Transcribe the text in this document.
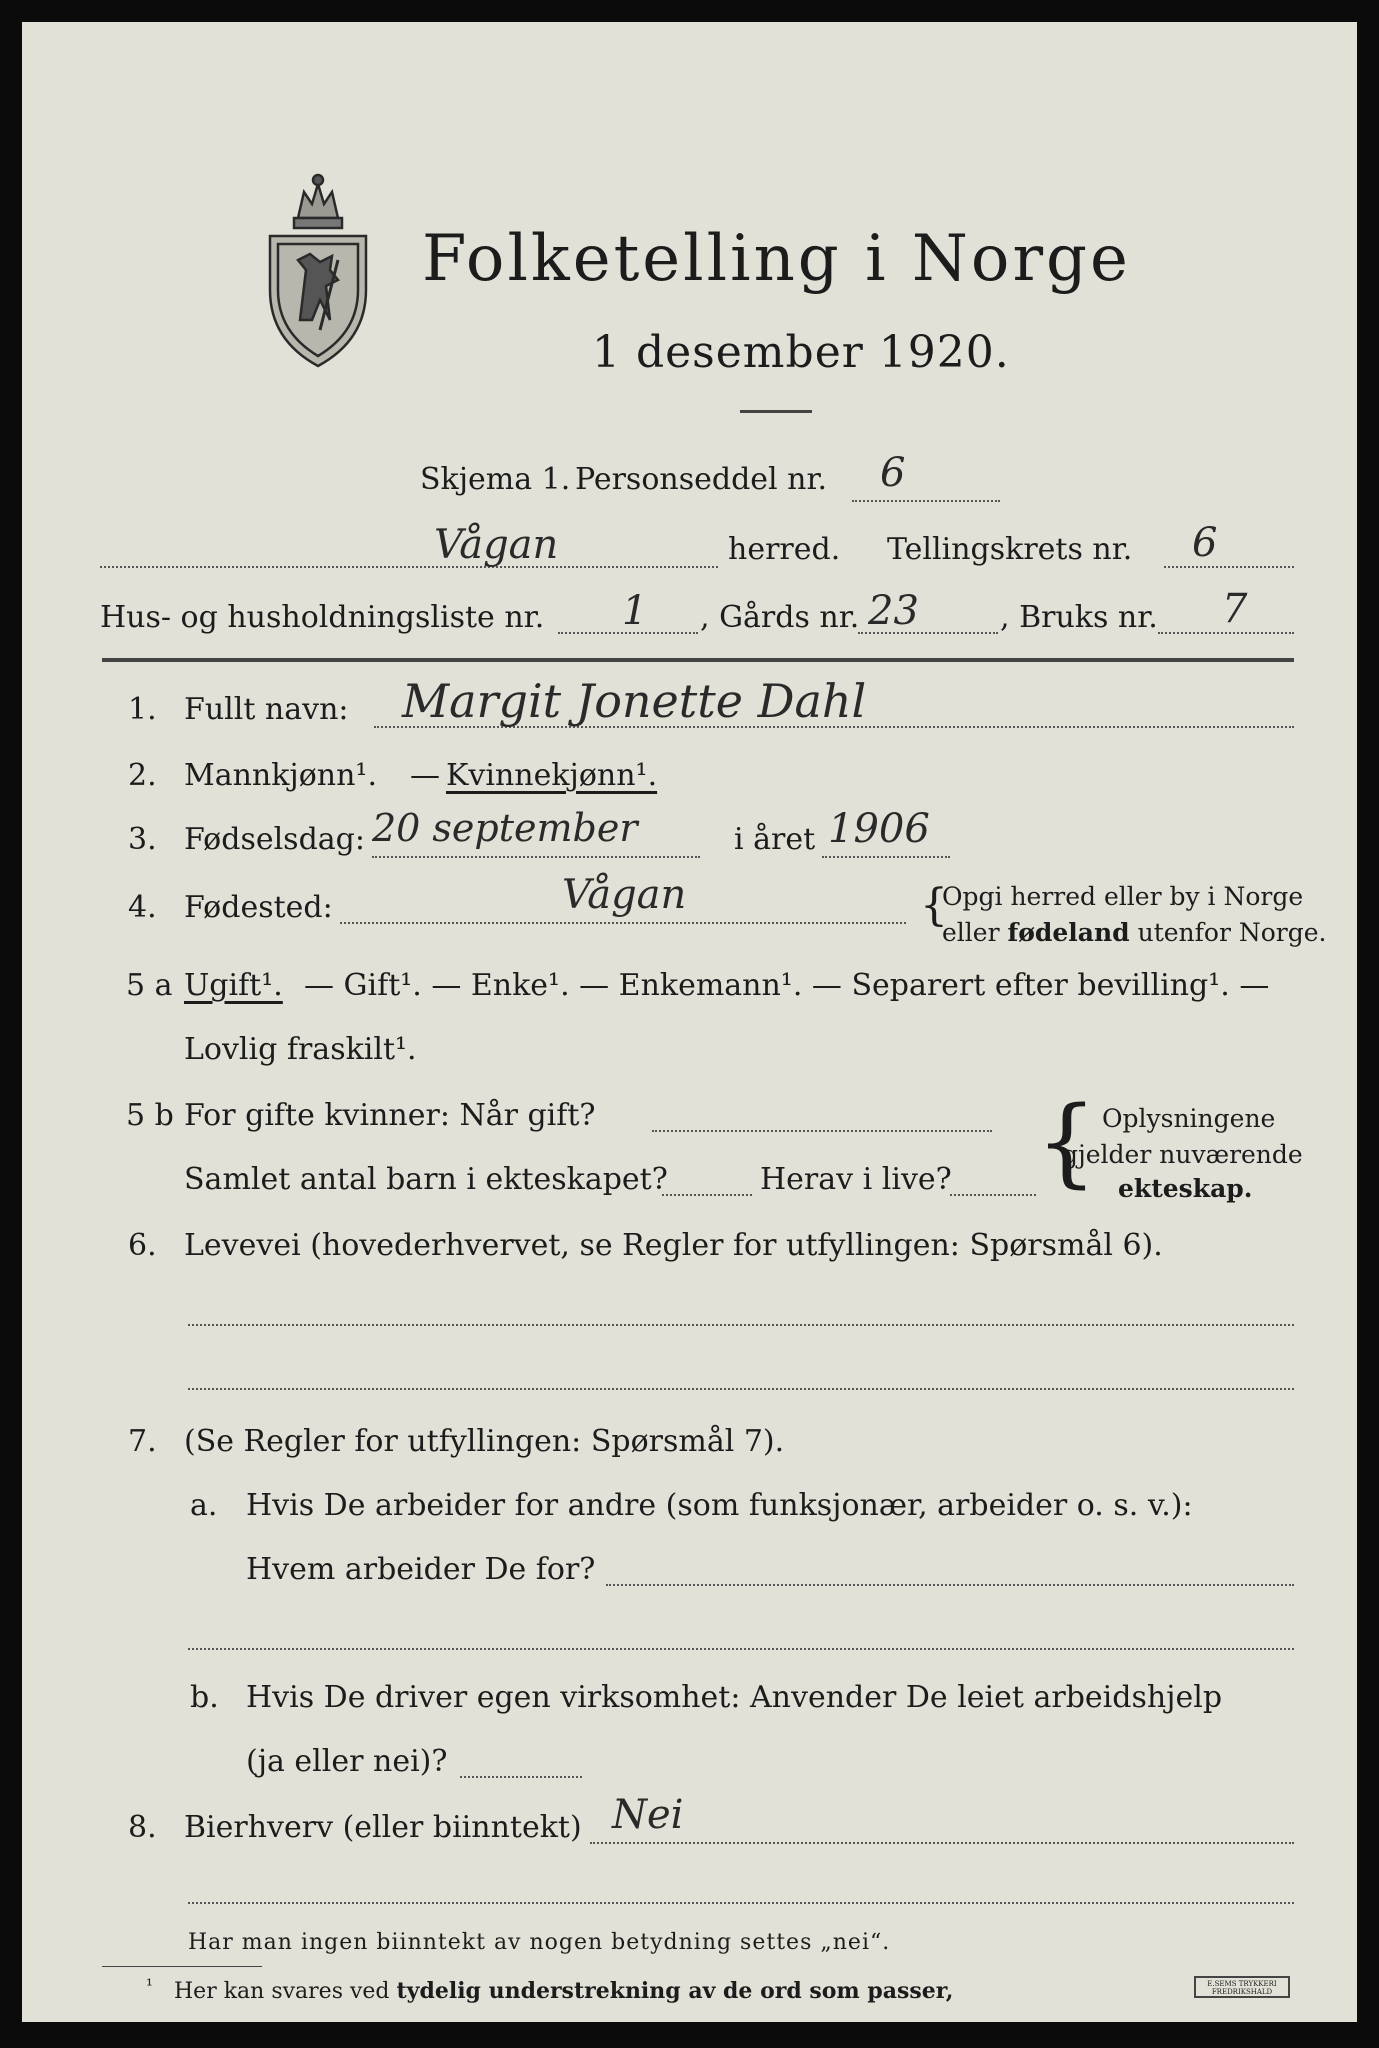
Folketelling i Norge
1 desember 1920.
Skjema 1. Personseddel nr. 6
Vågan	herred. Tellingskrets nr. 6
Hus- og husholdningsliste nr. 1 , Gårds nr. 23	, Bruks nr. 7
1. Fullt navn: Margit Jonette Dahl
2. Mannkjønn¹. — Kvinnekjønn¹.
3. Fødselsdag: 20 september	i året 1906
4. Fødested:	Vågan	{
Opgi herred eller by i Norge
eller fødeland utenfor Norge.
5 a Ugift¹. — Gift¹. — Enke¹. — Enkemann¹. — Separert efter bevilling¹. —
Lovlig fraskilt¹.
5 b For gifte kvinner: Når gift?
Samlet antal barn i ekteskapet?	Herav i live? { Oplysningene
gjelder nuværende
ekteskap.
6. Levevei (hovederhvervet, se Regler for utfyllingen: Spørsmål 6).
7. (Se Regler for utfyllingen: Spørsmål 7).
a. Hvis De arbeider for andre (som funksjonær, arbeider o. s. v.):
Hvem arbeider De for?
b. Hvis De driver egen virksomhet: Anvender De leiet arbeidshjelp
(ja eller nei)?
8. Bierhverv (eller biinntekt) Nei
Har man ingen biinntekt av nogen betydning settes „nei“.
¹ Her kan svares ved tydelig understrekning av de ord som passer,	E.SEMS TRYKKERI
FREDRIKSHALD
